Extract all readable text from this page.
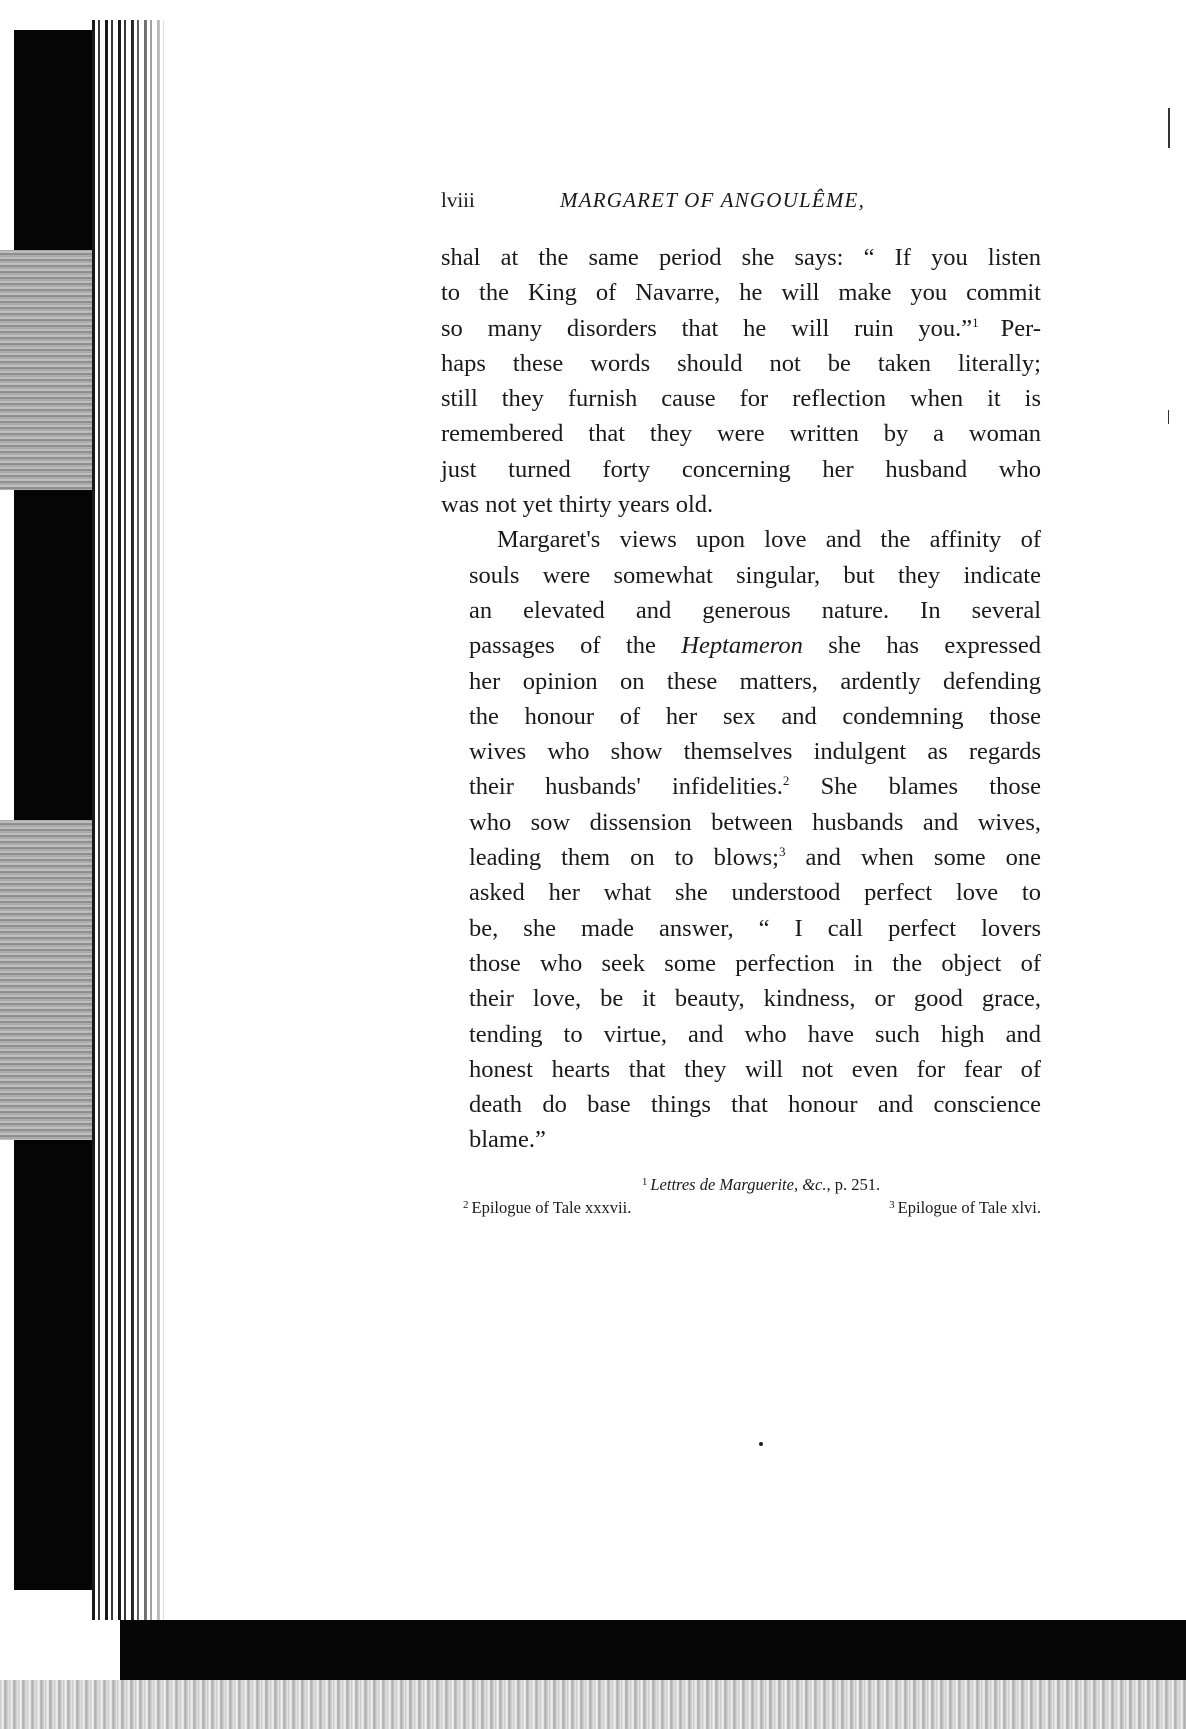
lviii	MARGARET OF ANGOULÊME,
shal at the same period she says: “ If you listen
to the King of Navarre, he will make you commit
so many disorders that he will ruin you.”$^1$ Per-
haps these words should not be taken literally;
still they furnish cause for reflection when it is
remembered that they were written by a woman
just turned forty concerning her husband who
was not yet thirty years old.
Margaret's views upon love and the affinity of
souls were somewhat singular, but they indicate
an elevated and generous nature. In several
passages of the Heptameron she has expressed
her opinion on these matters, ardently defending
the honour of her sex and condemning those
wives who show themselves indulgent as regards
their husbands' infidelities.$^2$ She blames those
who sow dissension between husbands and wives,
leading them on to blows;$^3$ and when some one
asked her what she understood perfect love to
be, she made answer, “ I call perfect lovers
those who seek some perfection in the object of
their love, be it beauty, kindness, or good grace,
tending to virtue, and who have such high and
honest hearts that they will not even for fear of
death do base things that honour and conscience
blame.”
$^1$ Lettres de Marguerite, &c., p. 251.
$^2$ Epilogue of Tale xxxvii.	$^3$ Epilogue of Tale xlvi.
